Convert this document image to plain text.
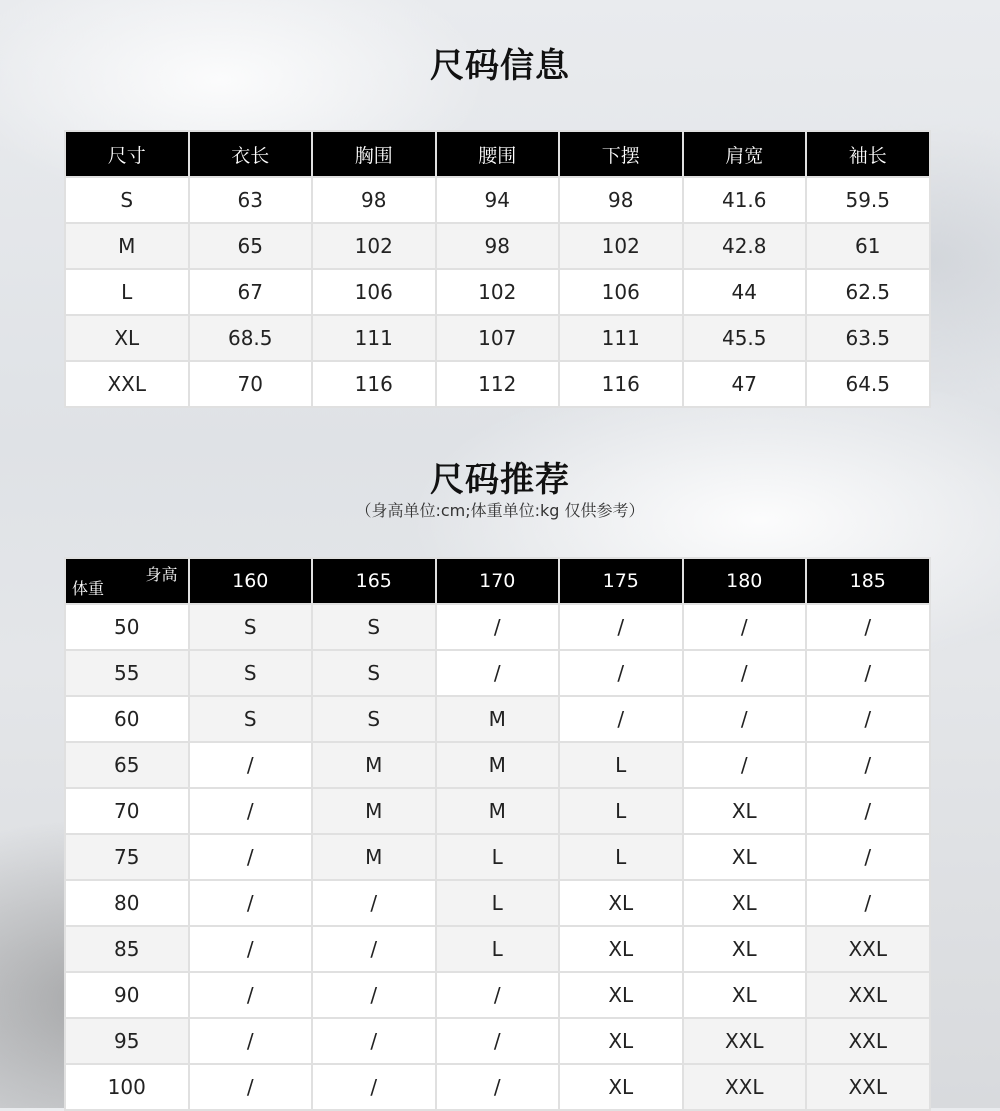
尺码信息
尺寸	衣长	胸围	腰围	下摆	肩宽	袖长
S	63	98	94	98	41.6	59.5
M	65	102	98	102	42.8	61
L	67	106	102	106	44	62.5
XL	68.5	111	107	111	45.5	63.5
XXL	70	116	112	116	47	64.5
尺码推荐
（身高单位:cm;体重单位:kg 仅供参考）
身高
体重	160	165	170	175	180	185
50	S	S	/	/	/	/
55	S	S	/	/	/	/
60	S	S	M	/	/	/
65	/	M	M	L	/	/
70	/	M	M	L	XL	/
75	/	M	L	L	XL	/
80	/	/	L	XL	XL	/
85	/	/	L	XL	XL	XXL
90	/	/	/	XL	XL	XXL
95	/	/	/	XL	XXL	XXL
100	/	/	/	XL	XXL	XXL
